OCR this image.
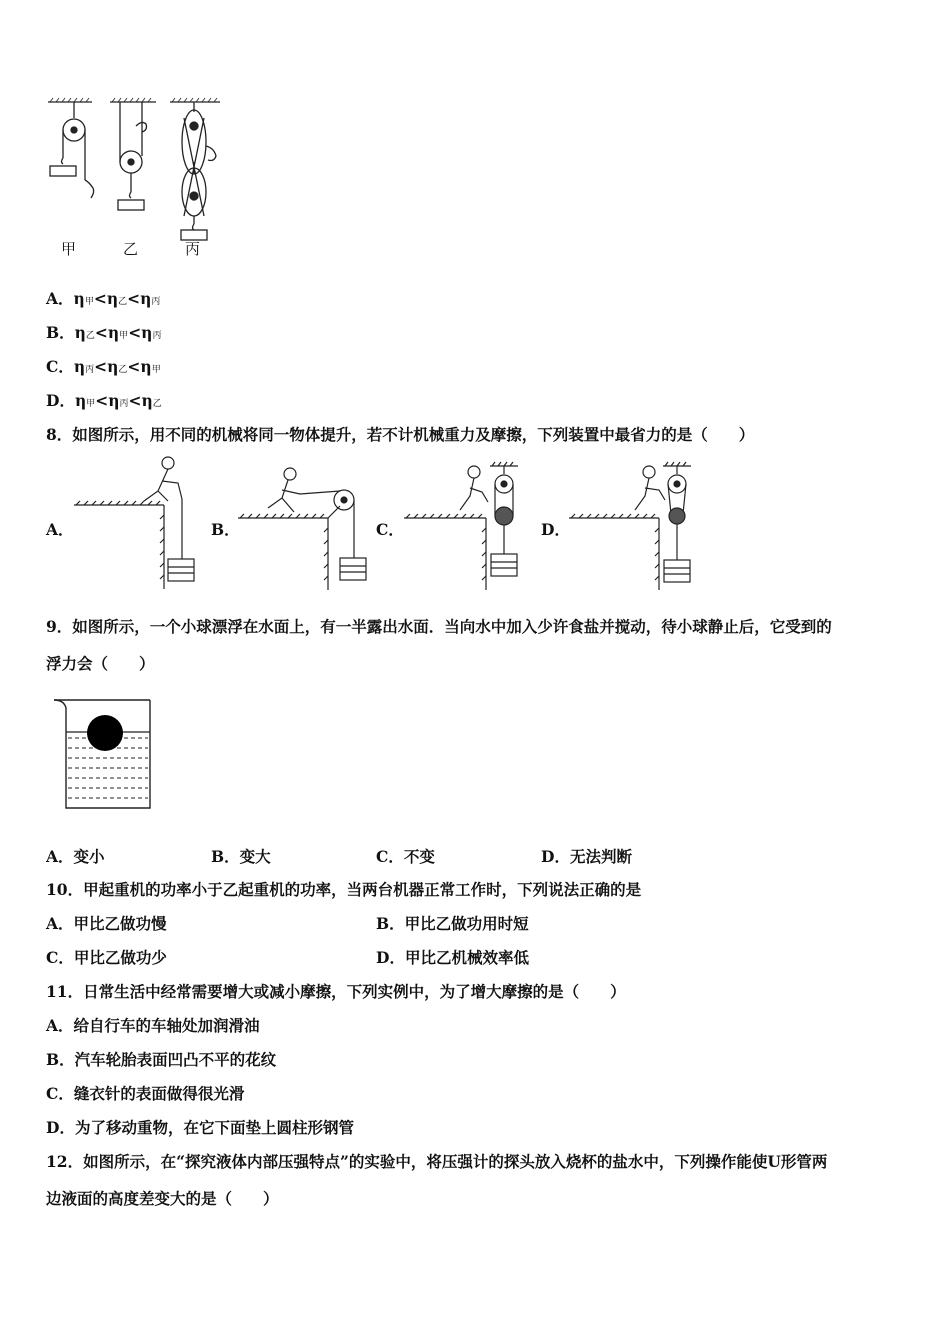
甲	乙	丙
A．η甲<η乙<η丙
B．η乙<η甲<η丙
C．η丙<η乙<η甲
D．η甲<η丙<η乙
8．如图所示，用不同的机械将同一物体提升，若不计机械重力及摩擦，下列装置中最省力的是（　　）
A．	B．	C．	D．
9．如图所示，一个小球漂浮在水面上，有一半露出水面．当向水中加入少许食盐并搅动，待小球静止后，它受到的
浮力会（　　）
A．变小	B．变大	C．不变	D．无法判断
10．甲起重机的功率小于乙起重机的功率，当两台机器正常工作时，下列说法正确的是
A．甲比乙做功慢	B．甲比乙做功用时短
C．甲比乙做功少	D．甲比乙机械效率低
11．日常生活中经常需要增大或减小摩擦，下列实例中，为了增大摩擦的是（　　）
A．给自行车的车轴处加润滑油
B．汽车轮胎表面凹凸不平的花纹
C．缝衣针的表面做得很光滑
D．为了移动重物，在它下面垫上圆柱形钢管
12．如图所示，在“探究液体内部压强特点”的实验中，将压强计的探头放入烧杯的盐水中，下列操作能使U形管两
边液面的高度差变大的是（　　）
